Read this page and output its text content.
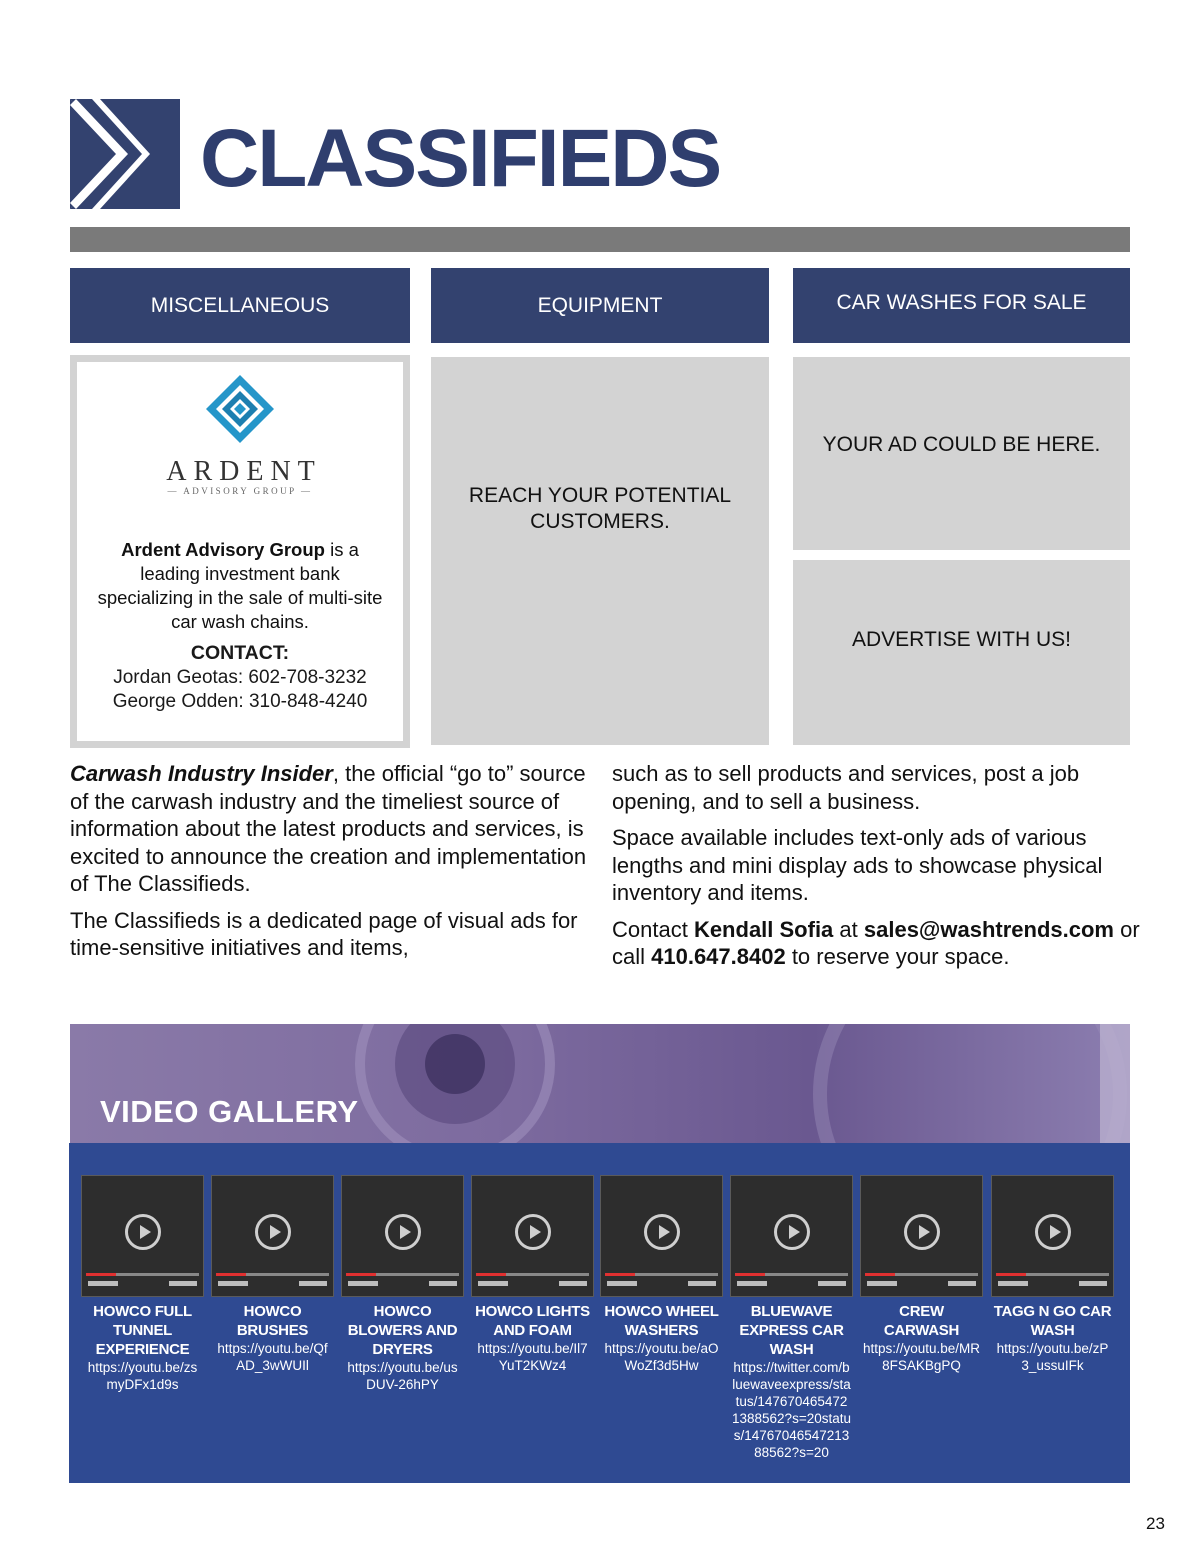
CLASSIFIEDS
MISCELLANEOUS	EQUIPMENT	CAR WASHES FOR SALE
ARDENT
— ADVISORY GROUP —
Ardent Advisory Group is a leading investment bank specializing in the sale of multi-site car wash chains.
CONTACT:
Jordan Geotas: 602-708-3232
George Odden: 310-848-4240
REACH YOUR POTENTIAL CUSTOMERS.
YOUR AD COULD BE HERE.
ADVERTISE WITH US!

Carwash Industry Insider, the official “go to” source of the carwash industry and the timeliest source of information about the latest products and services, is excited to announce the creation and implementation of The Classifieds.

The Classifieds is a dedicated page of visual ads for time-sensitive initiatives and items,

such as to sell products and services, post a job opening, and to sell a business.

Space available includes text-only ads of various lengths and mini display ads to showcase physical inventory and items.

Contact Kendall Sofia at sales@washtrends.com or call 410.647.8402 to reserve your space.

VIDEO GALLERY
HOWCO FULL TUNNEL EXPERIENCE
https://youtu.be/zsmyDFx1d9s
HOWCO BRUSHES
https://youtu.be/QfAD_3wWUIl
HOWCO BLOWERS AND DRYERS
https://youtu.be/usDUV-26hPY
HOWCO LIGHTS AND FOAM
https://youtu.be/Il7YuT2KWz4
HOWCO WHEEL WASHERS
https://youtu.be/aOWoZf3d5Hw
BLUEWAVE EXPRESS CAR WASH
https://twitter.com/bluewaveexpress/status/1476704654721388562?s=20status/1476704654721388562?s=20
CREW CARWASH
https://youtu.be/MR8FSAKBgPQ
TAGG N GO CAR WASH
https://youtu.be/zP3_ussuIFk
23
